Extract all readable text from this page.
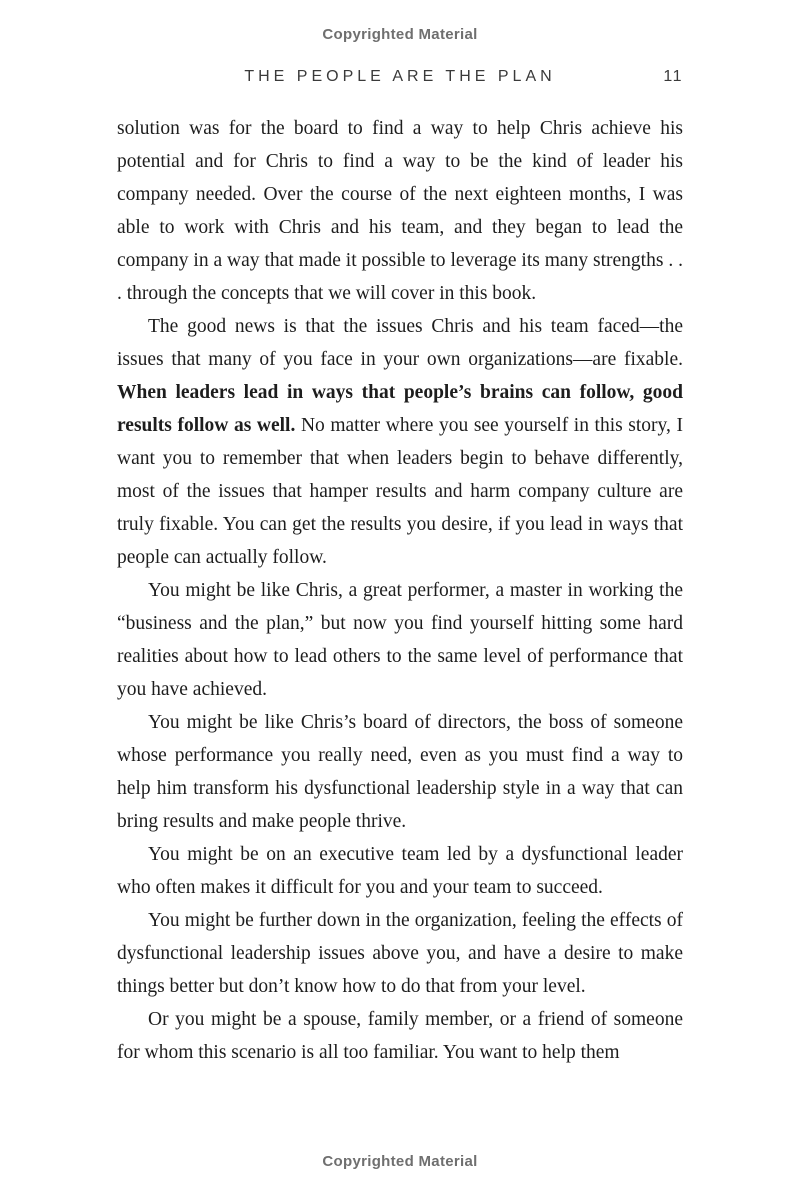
Copyrighted Material
THE PEOPLE ARE THE PLAN	11

solution was for the board to find a way to help Chris achieve his potential and for Chris to find a way to be the kind of leader his company needed. Over the course of the next eighteen months, I was able to work with Chris and his team, and they began to lead the company in a way that made it possible to leverage its many strengths . . . through the concepts that we will cover in this book.

The good news is that the issues Chris and his team faced—the issues that many of you face in your own organizations—are fixable. When leaders lead in ways that people’s brains can follow, good results follow as well. No matter where you see yourself in this story, I want you to remember that when leaders begin to behave differently, most of the issues that hamper results and harm company culture are truly fixable. You can get the results you desire, if you lead in ways that people can actually follow.

You might be like Chris, a great performer, a master in working the “business and the plan,” but now you find yourself hitting some hard realities about how to lead others to the same level of performance that you have achieved.

You might be like Chris’s board of directors, the boss of someone whose performance you really need, even as you must find a way to help him transform his dysfunctional leadership style in a way that can bring results and make people thrive.

You might be on an executive team led by a dysfunctional leader who often makes it difficult for you and your team to succeed.

You might be further down in the organization, feeling the effects of dysfunctional leadership issues above you, and have a desire to make things better but don’t know how to do that from your level.

Or you might be a spouse, family member, or a friend of someone for whom this scenario is all too familiar. You want to help them

Copyrighted Material
